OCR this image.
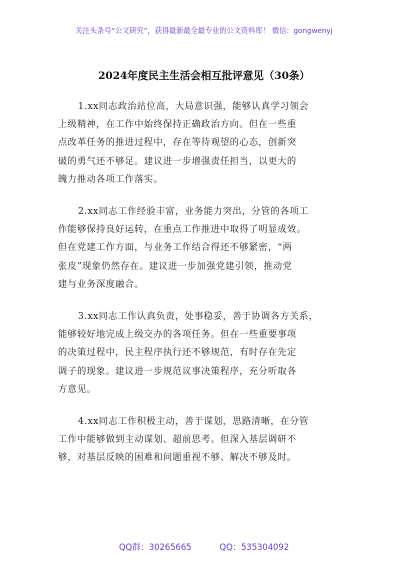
关注头条号“公文研究”，获得最新最全最专业的公文资料库！ 微信：gongwenyj
2024年度民主生活会相互批评意见（30条）
1.xx同志政治站位高，大局意识强，能够认真学习领会
上级精神，在工作中始终保持正确政治方向。但在一些重
点改革任务的推进过程中，存在等待观望的心态，创新突
破的勇气还不够足。建议进一步增强责任担当，以更大的
魄力推动各项工作落实。
2.xx同志工作经验丰富，业务能力突出，分管的各项工
作能够保持良好运转，在重点工作推进中取得了明显成效。
但在党建工作方面，与业务工作结合得还不够紧密，“两
张皮”现象仍然存在。建议进一步加强党建引领，推动党
建与业务深度融合。
3.xx同志工作认真负责，处事稳妥，善于协调各方关系，
能够较好地完成上级交办的各项任务。但在一些重要事项
的决策过程中，民主程序执行还不够规范，有时存在先定
调子的现象。建议进一步规范议事决策程序，充分听取各
方意见。
4.xx同志工作积极主动，善于谋划，思路清晰，在分管
工作中能够做到主动谋划、超前思考。但深入基层调研不
够，对基层反映的困难和问题重视不够、解决不够及时。
QQ群：30265665	QQ：535304092
